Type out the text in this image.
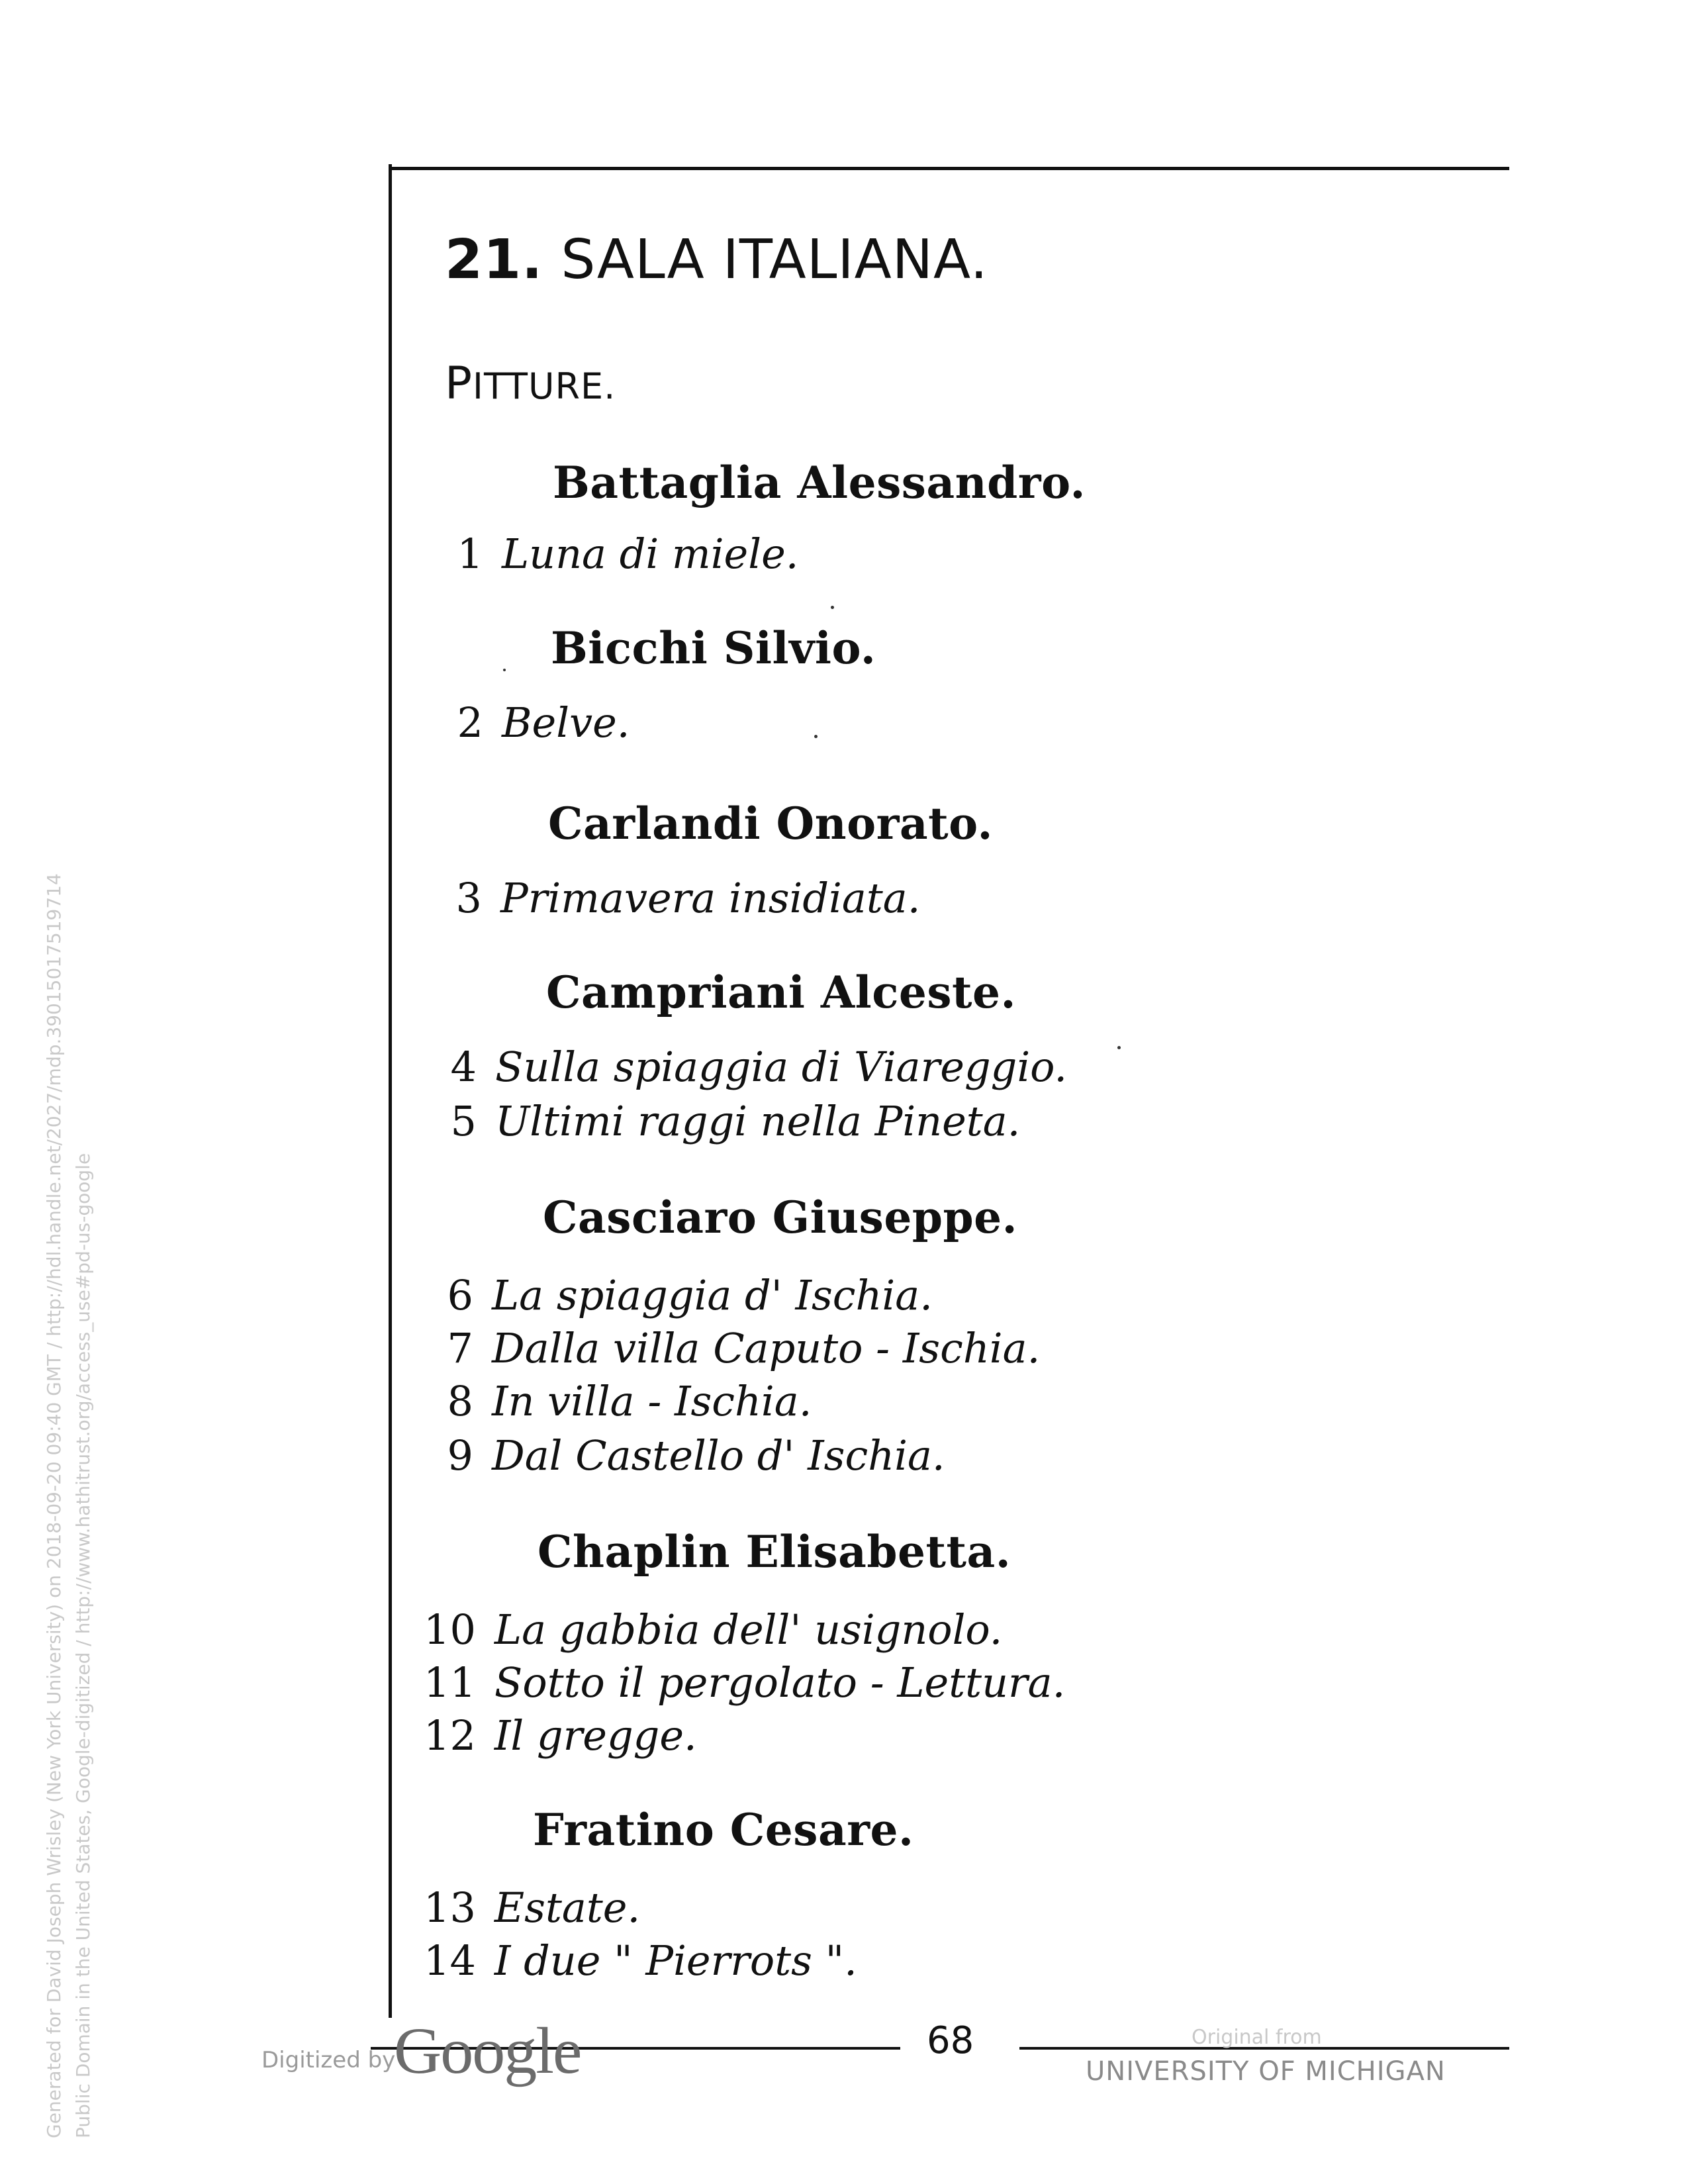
21. SALA ITALIANA.
PITTURE.
Battaglia Alessandro.
1 Luna di miele.
Bicchi Silvio.
2 Belve.
Carlandi Onorato.
3 Primavera insidiata.
Campriani Alceste.
4 Sulla spiaggia di Viareggio.
5 Ultimi raggi nella Pineta.
Casciaro Giuseppe.
6 La spiaggia d' Ischia.
7 Dalla villa Caputo - Ischia.
8 In villa - Ischia.
9 Dal Castello d' Ischia.
Chaplin Elisabetta.
10 La gabbia dell' usignolo.
11 Sotto il pergolato - Lettura.
12 Il gregge.
Fratino Cesare.
13 Estate.
14 I due " Pierrots ".
68
Digitized by
Google	Original from
UNIVERSITY OF MICHIGAN
Generated for David Joseph Wrisley (New York University) on 2018-09-20 09:40 GMT / http://hdl.handle.net/2027/mdp.39015017519714 Public Domain in the United States, Google-digitized / http://www.hathitrust.org/access_use#pd-us-google
